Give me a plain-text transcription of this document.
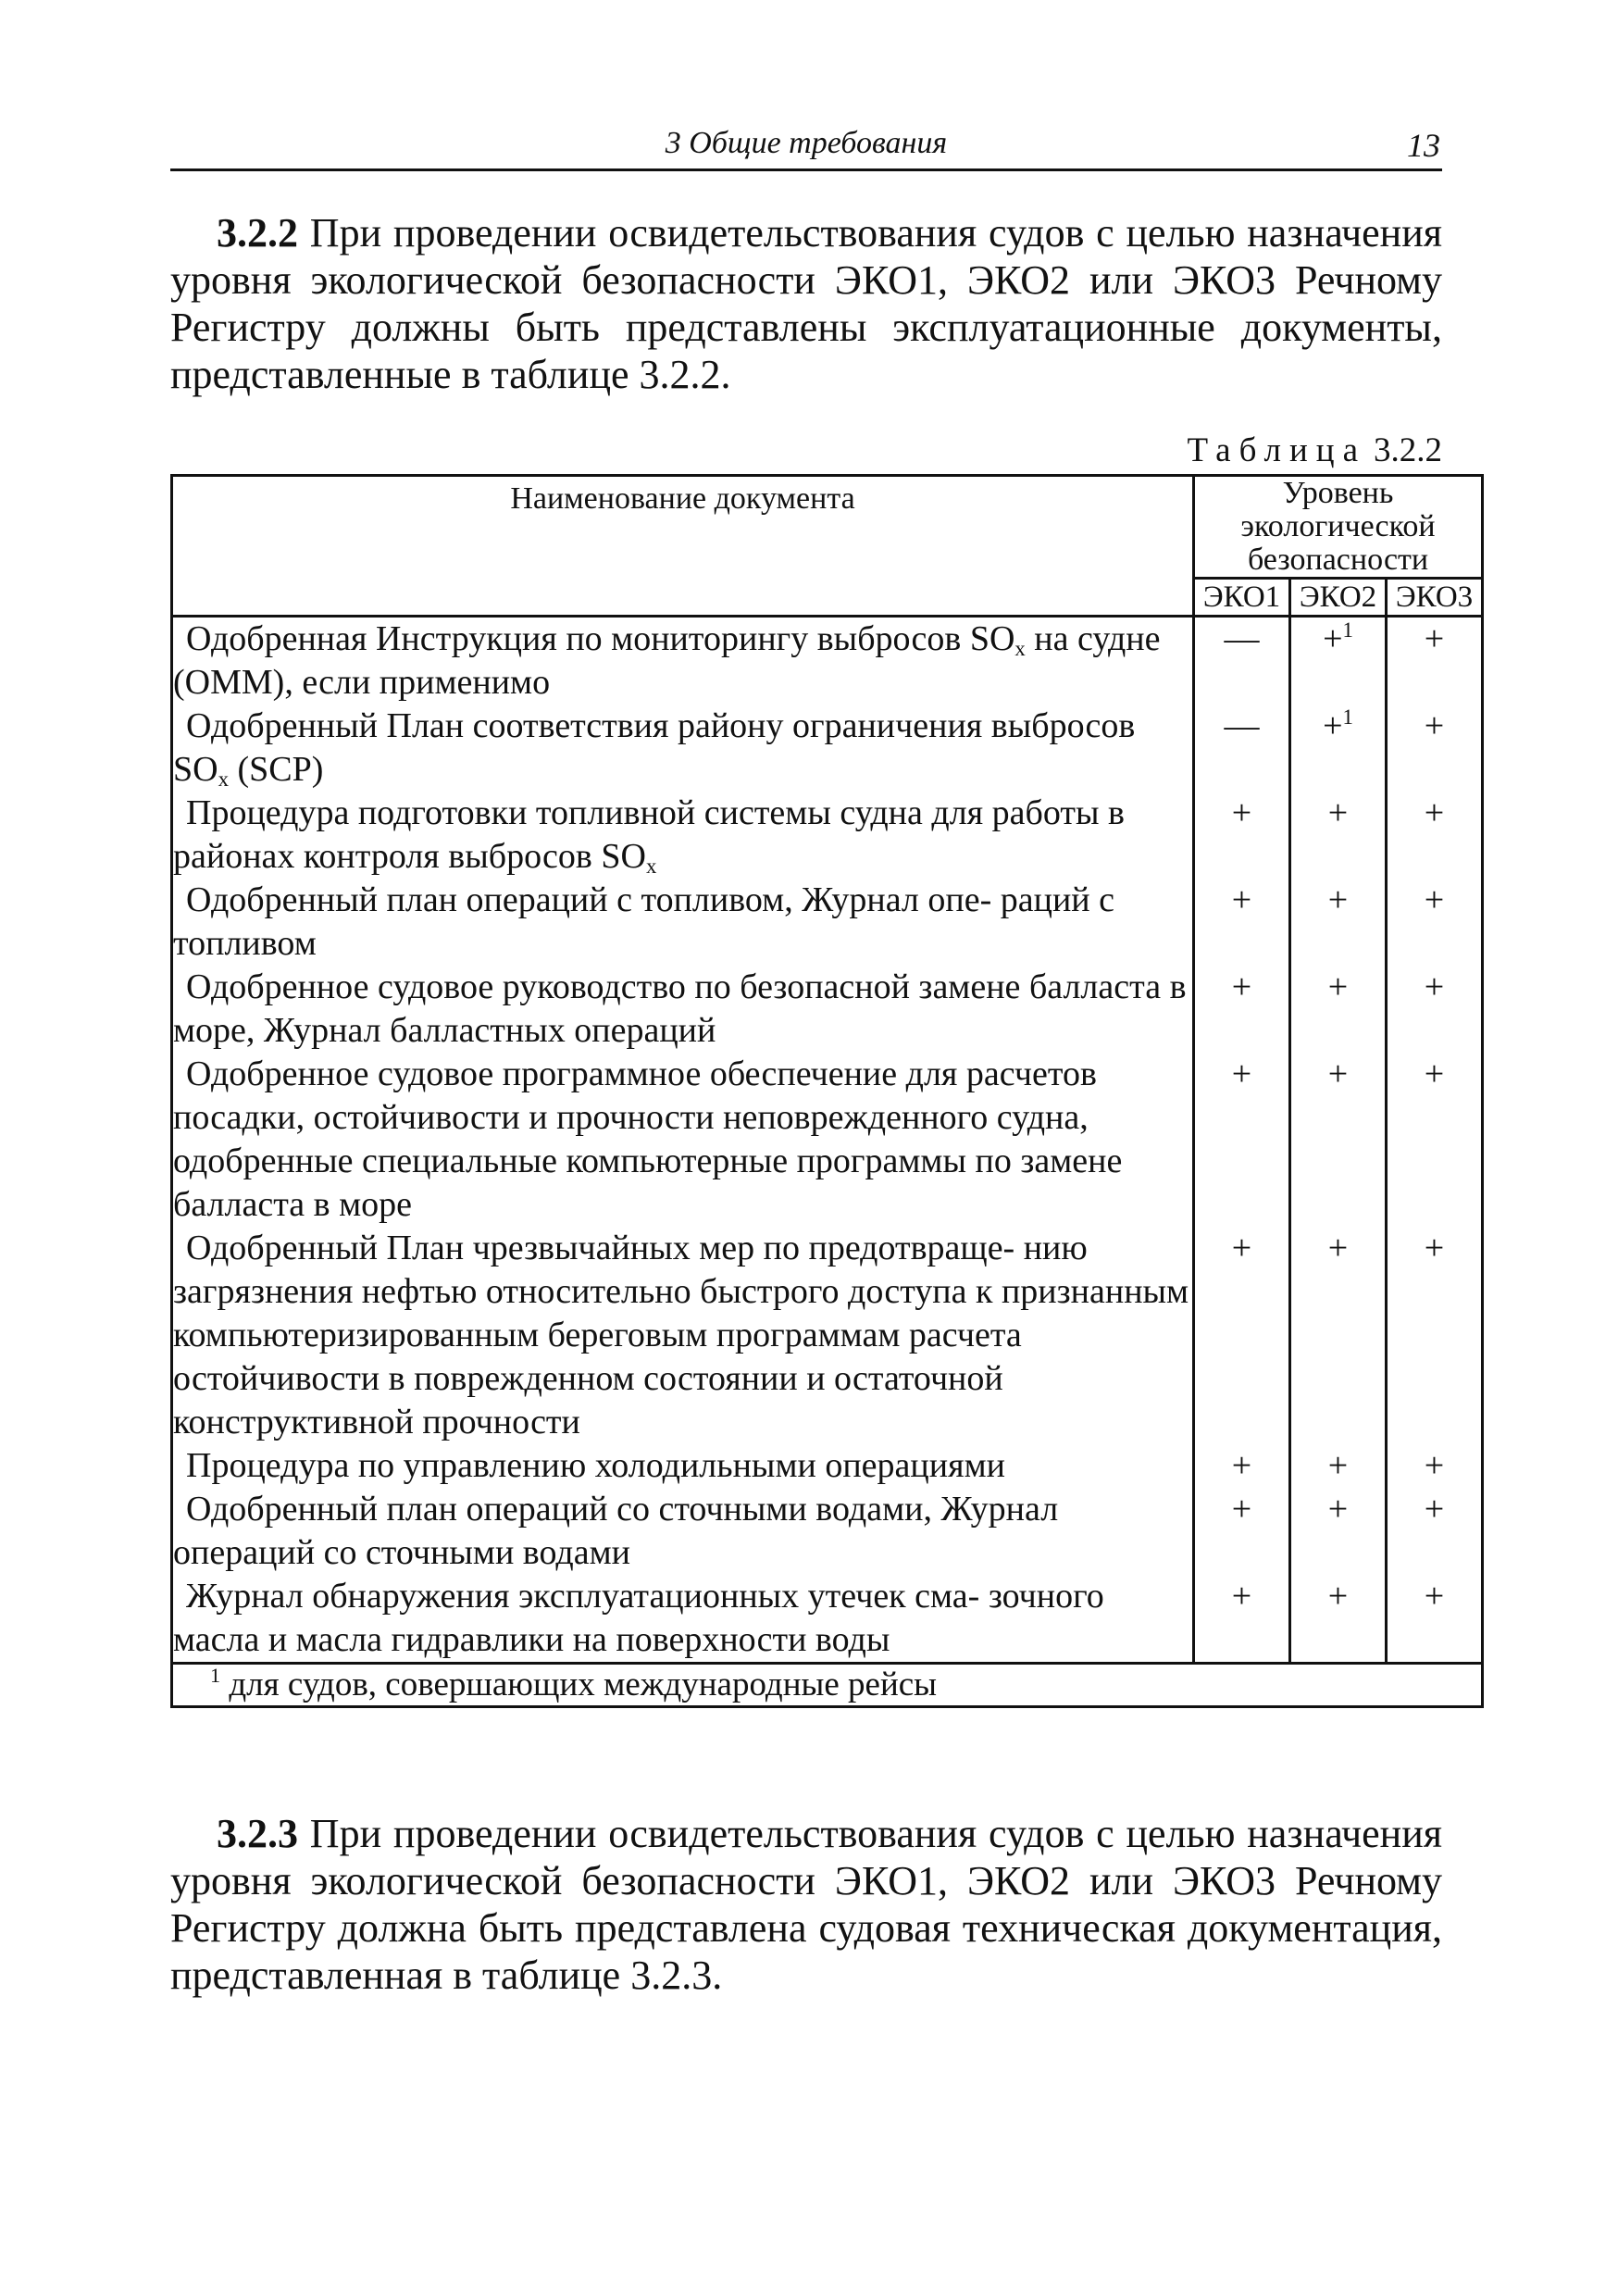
3 Общие требования	13

3.2.2 При проведении освидетельствования судов с целью назначения уровня экологической безопасности ЭКО1, ЭКО2 или ЭКО3 Речному Регистру должны быть представлены эксплуатационные документы, представленные в таблице 3.2.2.

Таблица 3.2.2
Наименование документа	Уровень экологической безопасности		
	ЭКО1	ЭКО2	ЭКО3
Одобренная Инструкция по мониторингу выбросов $SO_x$ на судне (ОММ), если применимо	—	+$^1$	+
Одобренный План соответствия району ограничения выбросов $SO_x$ (SCP)	—	+$^1$	+
Процедура подготовки топливной системы судна для работы в районах контроля выбросов $SO_x$	+	+	+
Одобренный план операций с топливом, Журнал опе- раций с топливом	+	+	+
Одобренное судовое руководство по безопасной замене балласта в море, Журнал балластных операций	+	+	+
Одобренное судовое программное обеспечение для расчетов посадки, остойчивости и прочности неповрежденного судна, одобренные специальные компьютерные программы по замене балласта в море	+	+	+
Одобренный План чрезвычайных мер по предотвраще- нию загрязнения нефтью относительно быстрого доступа к признанным компьютеризированным береговым программам расчета остойчивости в поврежденном состоянии и остаточной конструктивной прочности	+	+	+
Процедура по управлению холодильными операциями	+	+	+
Одобренный план операций со сточными водами, Журнал операций со сточными водами	+	+	+
Журнал обнаружения эксплуатационных утечек сма- зочного масла и масла гидравлики на поверхности воды	+	+	+
$^1$ для судов, совершающих международные рейсы			

3.2.3 При проведении освидетельствования судов с целью назначения уровня экологической безопасности ЭКО1, ЭКО2 или ЭКО3 Речному Регистру должна быть представлена судовая техническая документация, представленная в таблице 3.2.3.
